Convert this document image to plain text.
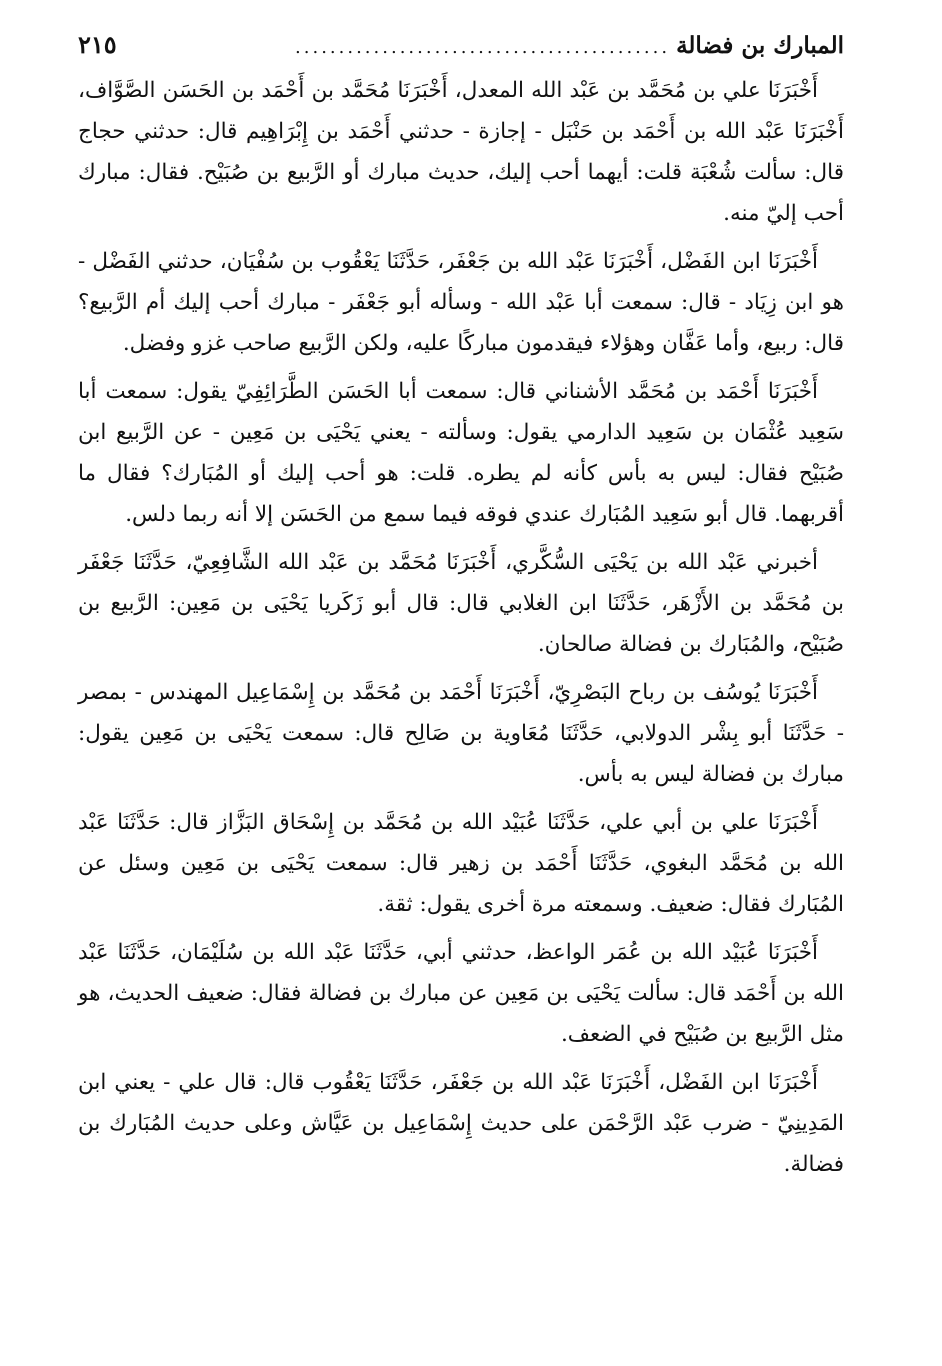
المبارك بن فضالة
...........................................
٢١٥

أَخْبَرَنَا علي بن مُحَمَّد بن عَبْد الله المعدل، أَخْبَرَنَا مُحَمَّد بن أَحْمَد بن الحَسَن الصَّوَّاف، أَخْبَرَنَا عَبْد الله بن أَحْمَد بن حَنْبَل - إجازة - حدثني أَحْمَد بن إِبْرَاهِيم قال: حدثني حجاج قال: سألت شُعْبَة قلت: أيهما أحب إليك، حديث مبارك أو الرَّبيع بن صُبَيْح. فقال: مبارك أحب إليّ منه.

أَخْبَرَنَا ابن الفَضْل، أَخْبَرَنَا عَبْد الله بن جَعْفَر، حَدَّثَنَا يَعْقُوب بن سُفْيَان، حدثني الفَضْل - هو ابن زِيَاد - قال: سمعت أبا عَبْد الله - وسأله أبو جَعْفَر - مبارك أحب إليك أم الرَّبيع؟ قال: ربيع، وأما عَفَّان وهؤلاء فيقدمون مباركًا عليه، ولكن الرَّبيع صاحب غزو وفضل.

أَخْبَرَنَا أَحْمَد بن مُحَمَّد الأشناني قال: سمعت أبا الحَسَن الطَّرَائِفِيّ يقول: سمعت أبا سَعِيد عُثْمَان بن سَعِيد الدارمي يقول: وسألته - يعني يَحْيَى بن مَعِين - عن الرَّبيع ابن صُبَيْح فقال: ليس به بأس كأنه لم يطره. قلت: هو أحب إليك أو المُبَارك؟ فقال ما أقربهما. قال أبو سَعِيد المُبَارك عندي فوقه فيما سمع من الحَسَن إلا أنه ربما دلس.

أخبرني عَبْد الله بن يَحْيَى السُّكَّري، أَخْبَرَنَا مُحَمَّد بن عَبْد الله الشَّافِعِيّ، حَدَّثَنَا جَعْفَر بن مُحَمَّد بن الأَزْهَر، حَدَّثَنَا ابن الغلابي قال: قال أبو زَكَريا يَحْيَى بن مَعِين: الرَّبيع بن صُبَيْح، والمُبَارك بن فضالة صالحان.

أَخْبَرَنَا يُوسُف بن رباح البَصْرِيّ، أَخْبَرَنَا أَحْمَد بن مُحَمَّد بن إِسْمَاعِيل المهندس - بمصر - حَدَّثَنَا أبو بِشْر الدولابي، حَدَّثَنَا مُعَاوية بن صَالِح قال: سمعت يَحْيَى بن مَعِين يقول: مبارك بن فضالة ليس به بأس.

أَخْبَرَنَا علي بن أبي علي، حَدَّثَنَا عُبَيْد الله بن مُحَمَّد بن إِسْحَاق البَزَّاز قال: حَدَّثَنَا عَبْد الله بن مُحَمَّد البغوي، حَدَّثَنَا أَحْمَد بن زهير قال: سمعت يَحْيَى بن مَعِين وسئل عن المُبَارك فقال: ضعيف. وسمعته مرة أخرى يقول: ثقة.

أَخْبَرَنَا عُبَيْد الله بن عُمَر الواعظ، حدثني أبي، حَدَّثَنَا عَبْد الله بن سُلَيْمَان، حَدَّثَنَا عَبْد الله بن أَحْمَد قال: سألت يَحْيَى بن مَعِين عن مبارك بن فضالة فقال: ضعيف الحديث، هو مثل الرَّبيع بن صُبَيْح في الضعف.

أَخْبَرَنَا ابن الفَضْل، أَخْبَرَنَا عَبْد الله بن جَعْفَر، حَدَّثَنَا يَعْقُوب قال: قال علي - يعني ابن المَدِينِيّ - ضرب عَبْد الرَّحْمَن على حديث إِسْمَاعِيل بن عَيَّاش وعلى حديث المُبَارك بن فضالة.
